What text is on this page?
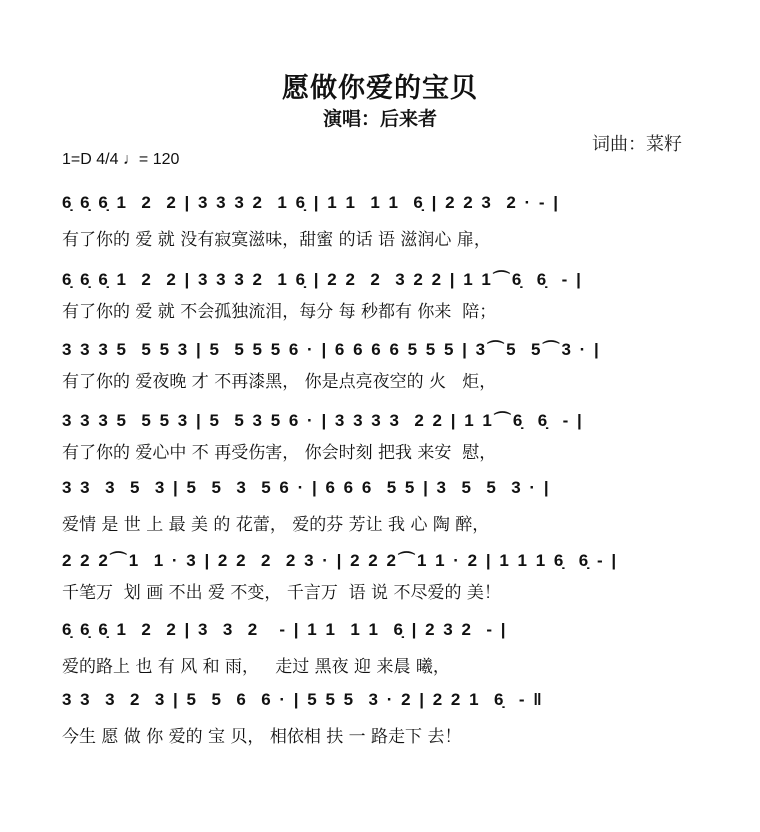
愿做你爱的宝贝
演唱：后来者
词曲：菜籽
1=D 4/4 ♩= 120
6̣ 6̣ 6̣ 1  2  2 | 3 3 3 2  1 6̣ | 1 1  1 1  6̣ | 2 2 3  2 · - |
有了你的 爱 就 没有寂寞滋味，甜蜜 的话 语 滋润心 扉，
6̣ 6̣ 6̣ 1  2  2 | 3 3 3 2  1 6̣ | 2 2  2  3 2 2 | 1 1⌒6̣  6̣  - |
有了你的 爱 就 不会孤独流泪，每分 每 秒都有 你来  陪；
3 3 3 5  5 5 3 | 5  5 5 5 6 · | 6 6 6 6 5 5 5 | 3⌒5  5⌒3 · |
有了你的 爱夜晚 才 不再漆黑， 你是点亮夜空的 火   炬，
3 3 3 5  5 5 3 | 5  5 3 5 6 · | 3 3 3 3  2 2 | 1 1⌒6̣  6̣  - |
有了你的 爱心中 不 再受伤害， 你会时刻 把我 来安  慰，
3 3  3  5  3 | 5  5  3  5 6 · | 6 6 6  5 5 | 3  5  5  3 · |
爱情 是 世 上 最 美 的 花蕾， 爱的芬 芳让 我 心 陶 醉，
2 2 2⌒1  1 · 3 | 2 2  2  2 3 · | 2 2 2⌒1 1 · 2 | 1 1 1 6̣  6̣ - |
千笔万  划 画 不出 爱 不变， 千言万  语 说 不尽爱的 美！
6̣ 6̣ 6̣ 1  2  2 | 3  3  2   - | 1 1  1 1  6̣ | 2 3 2  - |
爱的路上 也 有 风 和 雨，   走过 黑夜 迎 来晨 曦，
3 3  3  2  3 | 5  5  6  6 · | 5 5 5  3 · 2 | 2 2 1  6̣  - ‖
今生 愿 做 你 爱的 宝 贝， 相依相 扶 一 路走下 去！
